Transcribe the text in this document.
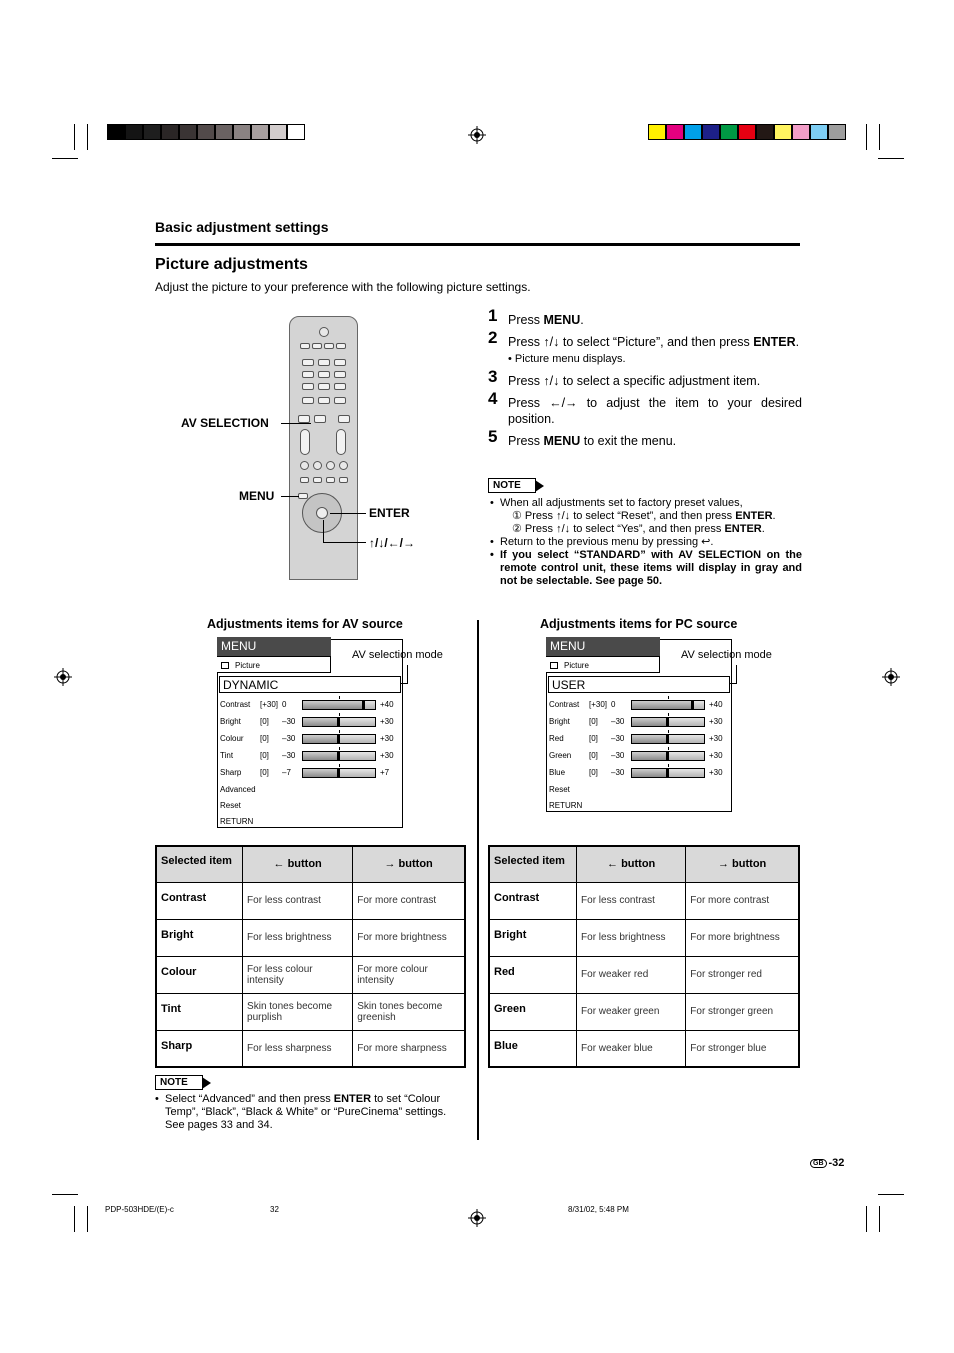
Basic adjustment settings
Picture adjustments
Adjust the picture to your preference with the following picture settings.
AV SELECTION
MENU
ENTER
↑/↓/←/→
1 Press MENU.
2 Press ↑/↓ to select “Picture”, and then press ENTER.
• Picture menu displays.
3 Press ↑/↓ to select a specific adjustment item.
4 Press ←/→ to adjust the item to your desired position.
5 Press MENU to exit the menu.
NOTE
• When all adjustments set to factory preset values,
① Press ↑/↓ to select “Reset”, and then press ENTER.
② Press ↑/↓ to select “Yes”, and then press ENTER.
• Return to the previous menu by pressing ↩.
• If you select “STANDARD” with AV SELECTION on the remote control unit, these items will display in gray and not be selectable. See page 50.
Adjustments items for AV source
Selected item	← button	→ button
Contrast	For less contrast	For more contrast
Bright	For less brightness	For more brightness
Colour	For less colour intensity	For more colour intensity
Tint	Skin tones become purplish	Skin tones become greenish
Sharp	For less sharpness	For more sharpness
NOTE
• Select “Advanced” and then press ENTER to set “Colour Temp”, “Black”, “Black & White” or “PureCinema” settings. See pages 33 and 34.
Adjustments items for PC source
Selected item	← button	→ button
Contrast	For less contrast	For more contrast
Bright	For less brightness	For more brightness
Red	For weaker red	For stronger red
Green	For weaker green	For stronger green
Blue	For weaker blue	For stronger blue
GB -32
PDP-503HDE/(E)-c	32	8/31/02, 5:48 PM
MENU
Picture
AV selection mode
DYNAMIC
Contrast [+30] 0	+40
Bright [0] –30	+30
Colour [0] –30	+30
Tint	[0] –30	+30
Sharp [0] –7	+7
Advanced
Reset
RETURN
MENU
Picture
AV selection mode
USER
Contrast [+30] 0	+40
Bright [0] –30	+30
Red	[0] –30	+30
Green [0] –30	+30
Blue	[0] –30	+30
Reset
RETURN
